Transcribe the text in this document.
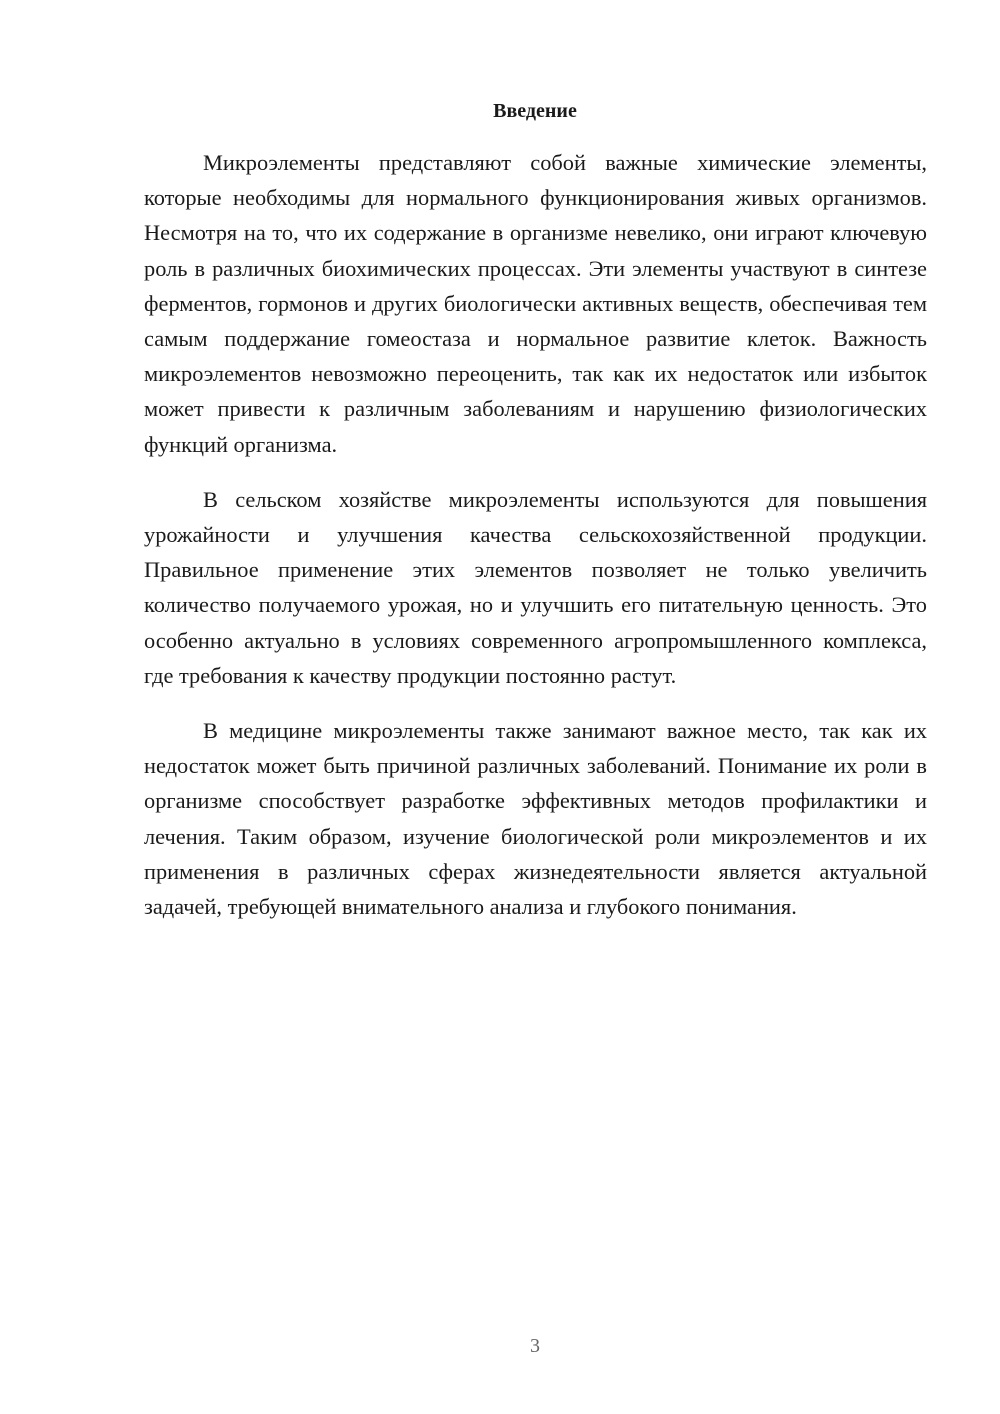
Введение

Микроэлементы представляют собой важные химические элементы, которые необходимы для нормального функционирования живых организмов. Несмотря на то, что их содержание в организме невелико, они играют ключевую роль в различных биохимических процессах. Эти элементы участвуют в синтезе ферментов, гормонов и других биологически активных веществ, обеспечивая тем самым поддержание гомеостаза и нормальное развитие клеток. Важность микроэлементов невозможно переоценить, так как их недостаток или избыток может привести к различным заболеваниям и нарушению физиологических функций организма.

В сельском хозяйстве микроэлементы используются для повышения урожайности и улучшения качества сельскохозяйственной продукции. Правильное применение этих элементов позволяет не только увеличить количество получаемого урожая, но и улучшить его питательную ценность. Это особенно актуально в условиях современного агропромышленного комплекса, где требования к качеству продукции постоянно растут.

В медицине микроэлементы также занимают важное место, так как их недостаток может быть причиной различных заболеваний. Понимание их роли в организме способствует разработке эффективных методов профилактики и лечения. Таким образом, изучение биологической роли микроэлементов и их применения в различных сферах жизнедеятельности является актуальной задачей, требующей внимательного анализа и глубокого понимания.

3
